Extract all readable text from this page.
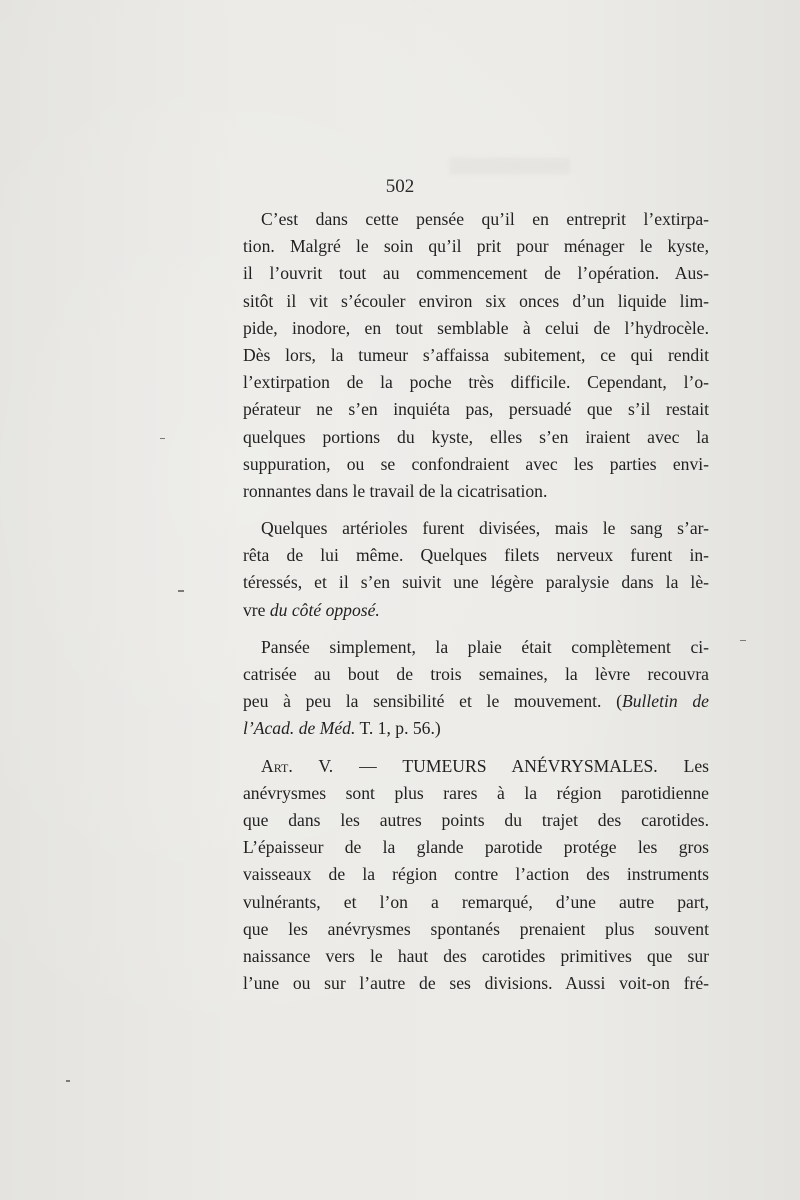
502
C’est dans cette pensée qu’il en entreprit l’extirpa-
tion. Malgré le soin qu’il prit pour ménager le kyste,
il l’ouvrit tout au commencement de l’opération. Aus-
sitôt il vit s’écouler environ six onces d’un liquide lim-
pide, inodore, en tout semblable à celui de l’hydrocèle.
Dès lors, la tumeur s’affaissa subitement, ce qui rendit
l’extirpation de la poche très difficile. Cependant, l’o-
pérateur ne s’en inquiéta pas, persuadé que s’il restait
quelques portions du kyste, elles s’en iraient avec la
suppuration, ou se confondraient avec les parties envi-
ronnantes dans le travail de la cicatrisation.
Quelques artérioles furent divisées, mais le sang s’ar-
rêta de lui même. Quelques filets nerveux furent in-
téressés, et il s’en suivit une légère paralysie dans la lè-
vre du côté opposé.
Pansée simplement, la plaie était complètement ci-
catrisée au bout de trois semaines, la lèvre recouvra
peu à peu la sensibilité et le mouvement. (Bulletin de
l’Acad. de Méd. T. 1, p. 56.)
Art. V. — TUMEURS ANÉVRYSMALES. Les
anévrysmes sont plus rares à la région parotidienne
que dans les autres points du trajet des carotides.
L’épaisseur de la glande parotide protége les gros
vaisseaux de la région contre l’action des instruments
vulnérants, et l’on a remarqué, d’une autre part,
que les anévrysmes spontanés prenaient plus souvent
naissance vers le haut des carotides primitives que sur
l’une ou sur l’autre de ses divisions. Aussi voit-on fré-
